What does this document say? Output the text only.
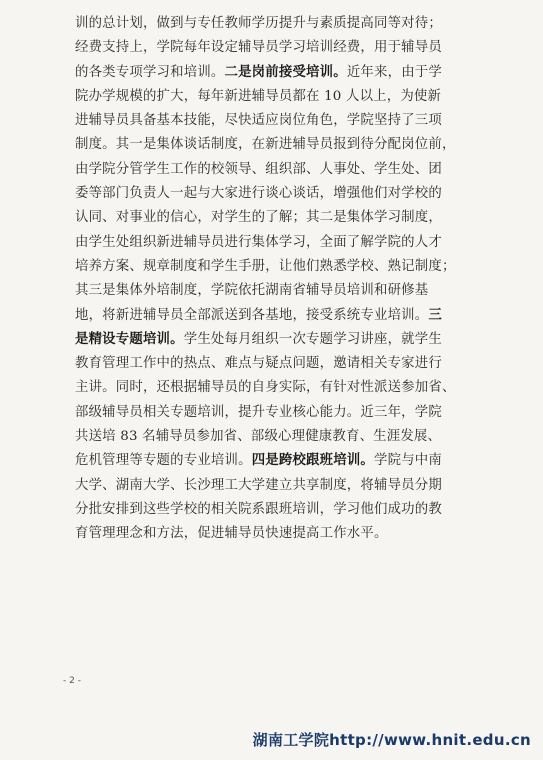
训的总计划，做到与专任教师学历提升与素质提高同等对待；
经费支持上，学院每年设定辅导员学习培训经费，用于辅导员
的各类专项学习和培训。二是岗前接受培训。近年来，由于学
院办学规模的扩大，每年新进辅导员都在 10 人以上，为使新
进辅导员具备基本技能，尽快适应岗位角色，学院坚持了三项
制度。其一是集体谈话制度，在新进辅导员报到待分配岗位前，
由学院分管学生工作的校领导、组织部、人事处、学生处、团
委等部门负责人一起与大家进行谈心谈话，增强他们对学校的
认同、对事业的信心，对学生的了解；其二是集体学习制度，
由学生处组织新进辅导员进行集体学习，全面了解学院的人才
培养方案、规章制度和学生手册，让他们熟悉学校、熟记制度；
其三是集体外培制度，学院依托湖南省辅导员培训和研修基
地，将新进辅导员全部派送到各基地，接受系统专业培训。三
是精设专题培训。学生处每月组织一次专题学习讲座，就学生
教育管理工作中的热点、难点与疑点问题，邀请相关专家进行
主讲。同时，还根据辅导员的自身实际，有针对性派送参加省、
部级辅导员相关专题培训，提升专业核心能力。近三年，学院
共送培 83 名辅导员参加省、部级心理健康教育、生涯发展、
危机管理等专题的专业培训。四是跨校跟班培训。学院与中南
大学、湖南大学、长沙理工大学建立共享制度，将辅导员分期
分批安排到这些学校的相关院系跟班培训，学习他们成功的教
育管理理念和方法，促进辅导员快速提高工作水平。
- 2 -
湖南工学院http://www.hnit.edu.cn
